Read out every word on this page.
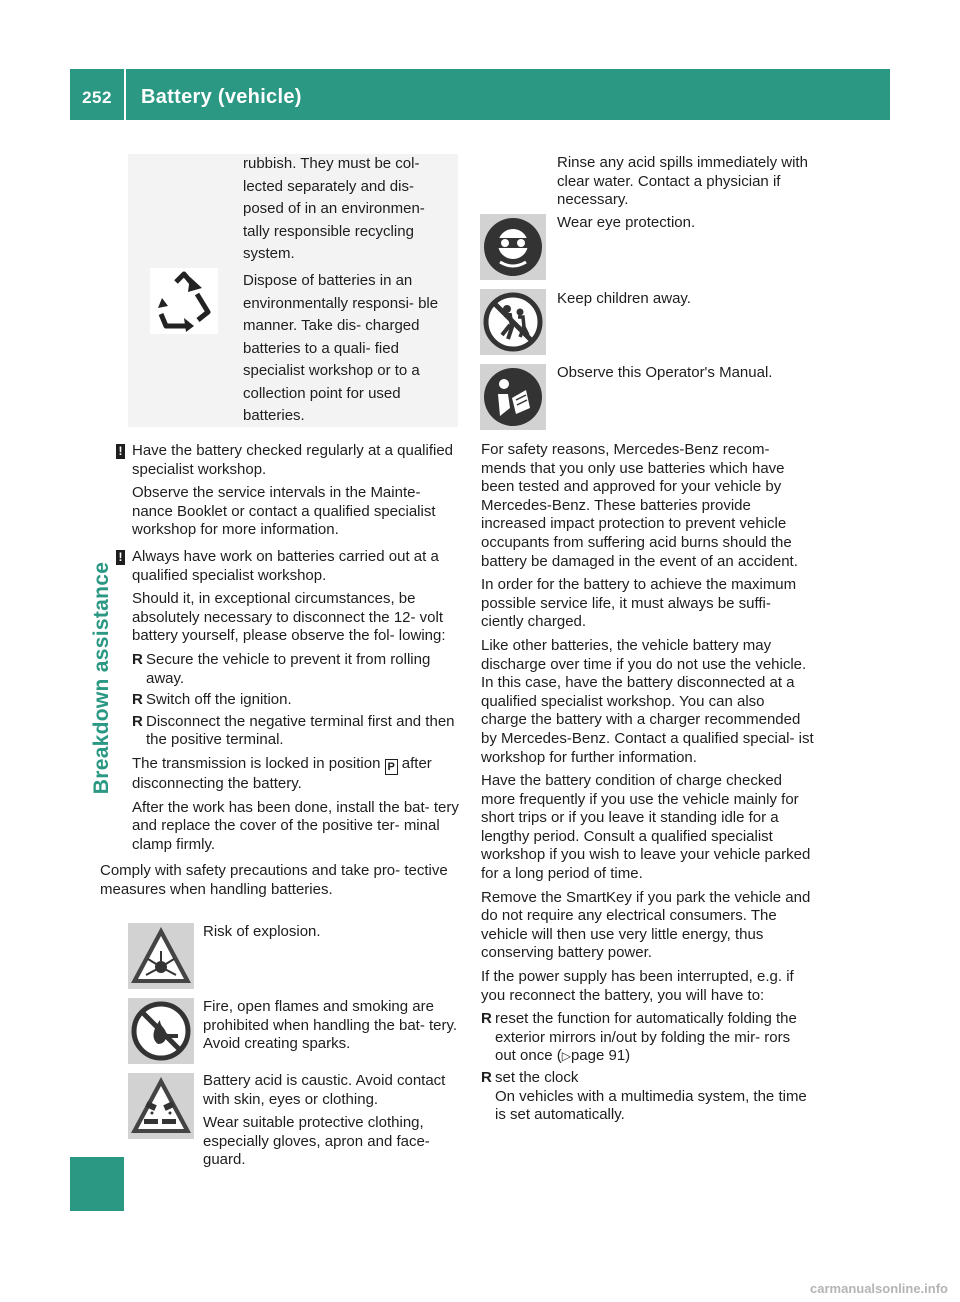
252	Battery (vehicle)
Breakdown assistance
rubbish. They must be col- lected separately and dis- posed of in an environmen- tally responsible recycling system.
Dispose of batteries in an environmentally responsi- ble manner. Take dis- charged batteries to a quali- fied specialist workshop or to a collection point for used batteries.
! Have the battery checked regularly at a qualified specialist workshop.

Observe the service intervals in the Mainte- nance Booklet or contact a qualified specialist workshop for more information.

! Always have work on batteries carried out at a qualified specialist workshop.

Should it, in exceptional circumstances, be absolutely necessary to disconnect the 12- volt battery yourself, please observe the fol- lowing:

R Secure the vehicle to prevent it from rolling away.

R Switch off the ignition.

R Disconnect the negative terminal first and then the positive terminal.

The transmission is locked in position P after disconnecting the battery.

After the work has been done, install the bat- tery and replace the cover of the positive ter- minal clamp firmly.

Comply with safety precautions and take pro- tective measures when handling batteries.

Risk of explosion.

Fire, open flames and smoking are prohibited when handling the bat- tery. Avoid creating sparks.

Battery acid is caustic. Avoid contact with skin, eyes or clothing.

Wear suitable protective clothing, especially gloves, apron and face- guard.

Rinse any acid spills immediately with clear water. Contact a physician if necessary.
Wear eye protection.
Keep children away.
Observe this Operator's Manual.

For safety reasons, Mercedes-Benz recom- mends that you only use batteries which have been tested and approved for your vehicle by Mercedes-Benz. These batteries provide increased impact protection to prevent vehicle occupants from suffering acid burns should the battery be damaged in the event of an accident.

In order for the battery to achieve the maximum possible service life, it must always be suffi- ciently charged.

Like other batteries, the vehicle battery may discharge over time if you do not use the vehicle. In this case, have the battery disconnected at a qualified specialist workshop. You can also charge the battery with a charger recommended by Mercedes-Benz. Contact a qualified special- ist workshop for further information.

Have the battery condition of charge checked more frequently if you use the vehicle mainly for short trips or if you leave it standing idle for a lengthy period. Consult a qualified specialist workshop if you wish to leave your vehicle parked for a long period of time.

Remove the SmartKey if you park the vehicle and do not require any electrical consumers. The vehicle will then use very little energy, thus conserving battery power.

If the power supply has been interrupted, e.g. if you reconnect the battery, you will have to:

R reset the function for automatically folding the exterior mirrors in/out by folding the mir- rors out once (▷page 91)

R set the clock

On vehicles with a multimedia system, the time is set automatically.

carmanualsonline.info
